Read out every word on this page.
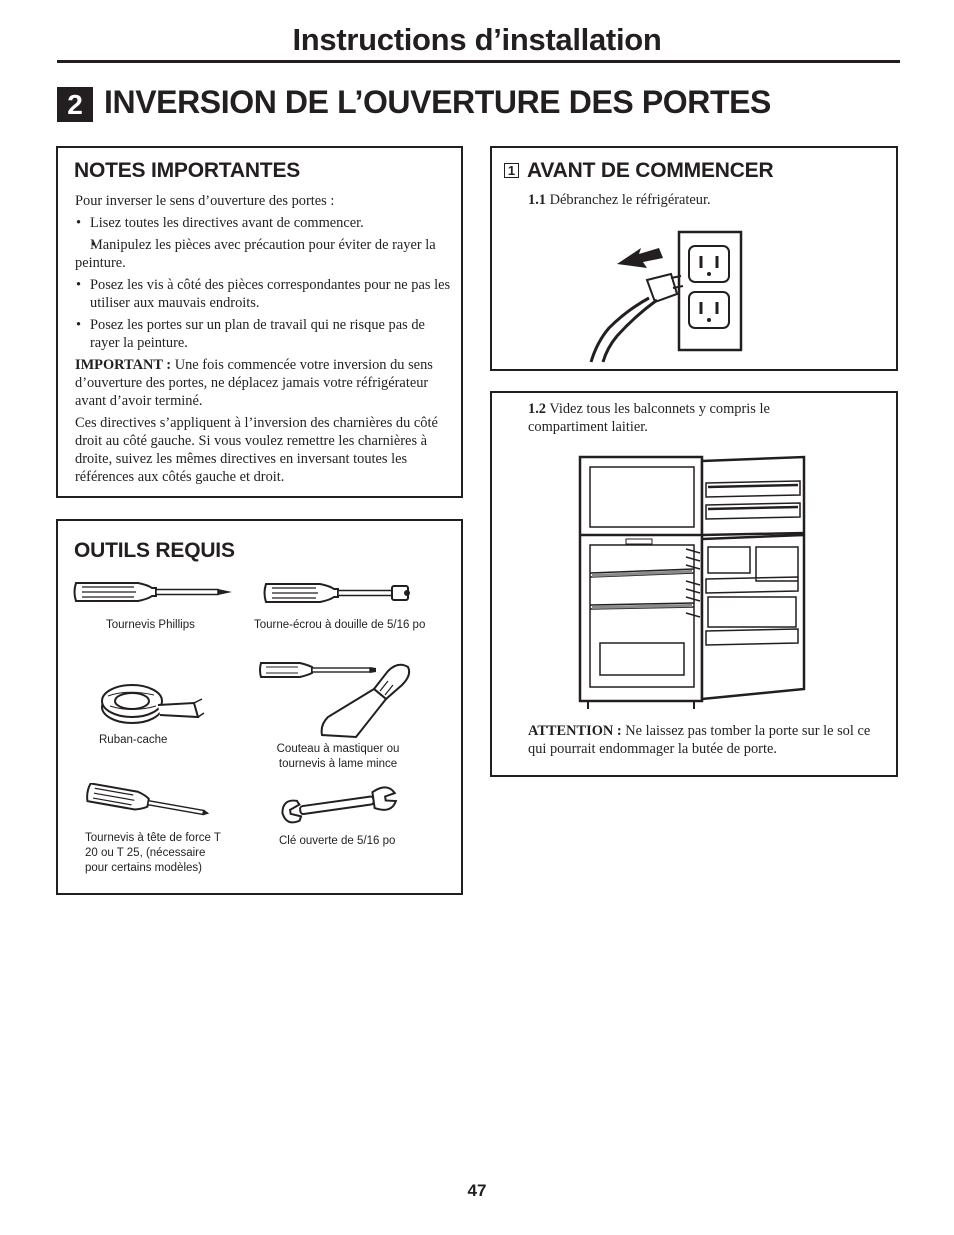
Instructions d’installation
2 INVERSION DE L’OUVERTURE DES PORTES
NOTES IMPORTANTES

Pour inverser le sens d’ouverture des portes :

• Lisez toutes les directives avant de commencer.
• Manipulez les pièces avec précaution pour éviter de rayer la peinture.
• Posez les vis à côté des pièces correspondantes pour ne pas les utiliser aux mauvais endroits.
• Posez les portes sur un plan de travail qui ne risque pas de rayer la peinture.

IMPORTANT : Une fois commencée votre inversion du sens d’ouverture des portes, ne déplacez jamais votre réfrigérateur avant d’avoir terminé.

Ces directives s’appliquent à l’inversion des charnières du côté droit au côté gauche. Si vous voulez remettre les charnières à droite, suivez les mêmes directives en inversant toutes les références aux côtés gauche et droit.

OUTILS REQUIS
Tournevis Phillips	Tourne-écrou à douille de 5/16 po
Ruban-cache
Couteau à mastiquer ou tournevis à lame mince
Tournevis à tête de force T 20 ou T 25, (nécessaire pour certains modèles)
Clé ouverte de 5/16 po
1 AVANT DE COMMENCER
1.1 Débranchez le réfrigérateur.
1.2 Videz tous les balconnets y compris le compartiment laitier.
ATTENTION : Ne laissez pas tomber la porte sur le sol ce qui pourrait endommager la butée de porte.
47
